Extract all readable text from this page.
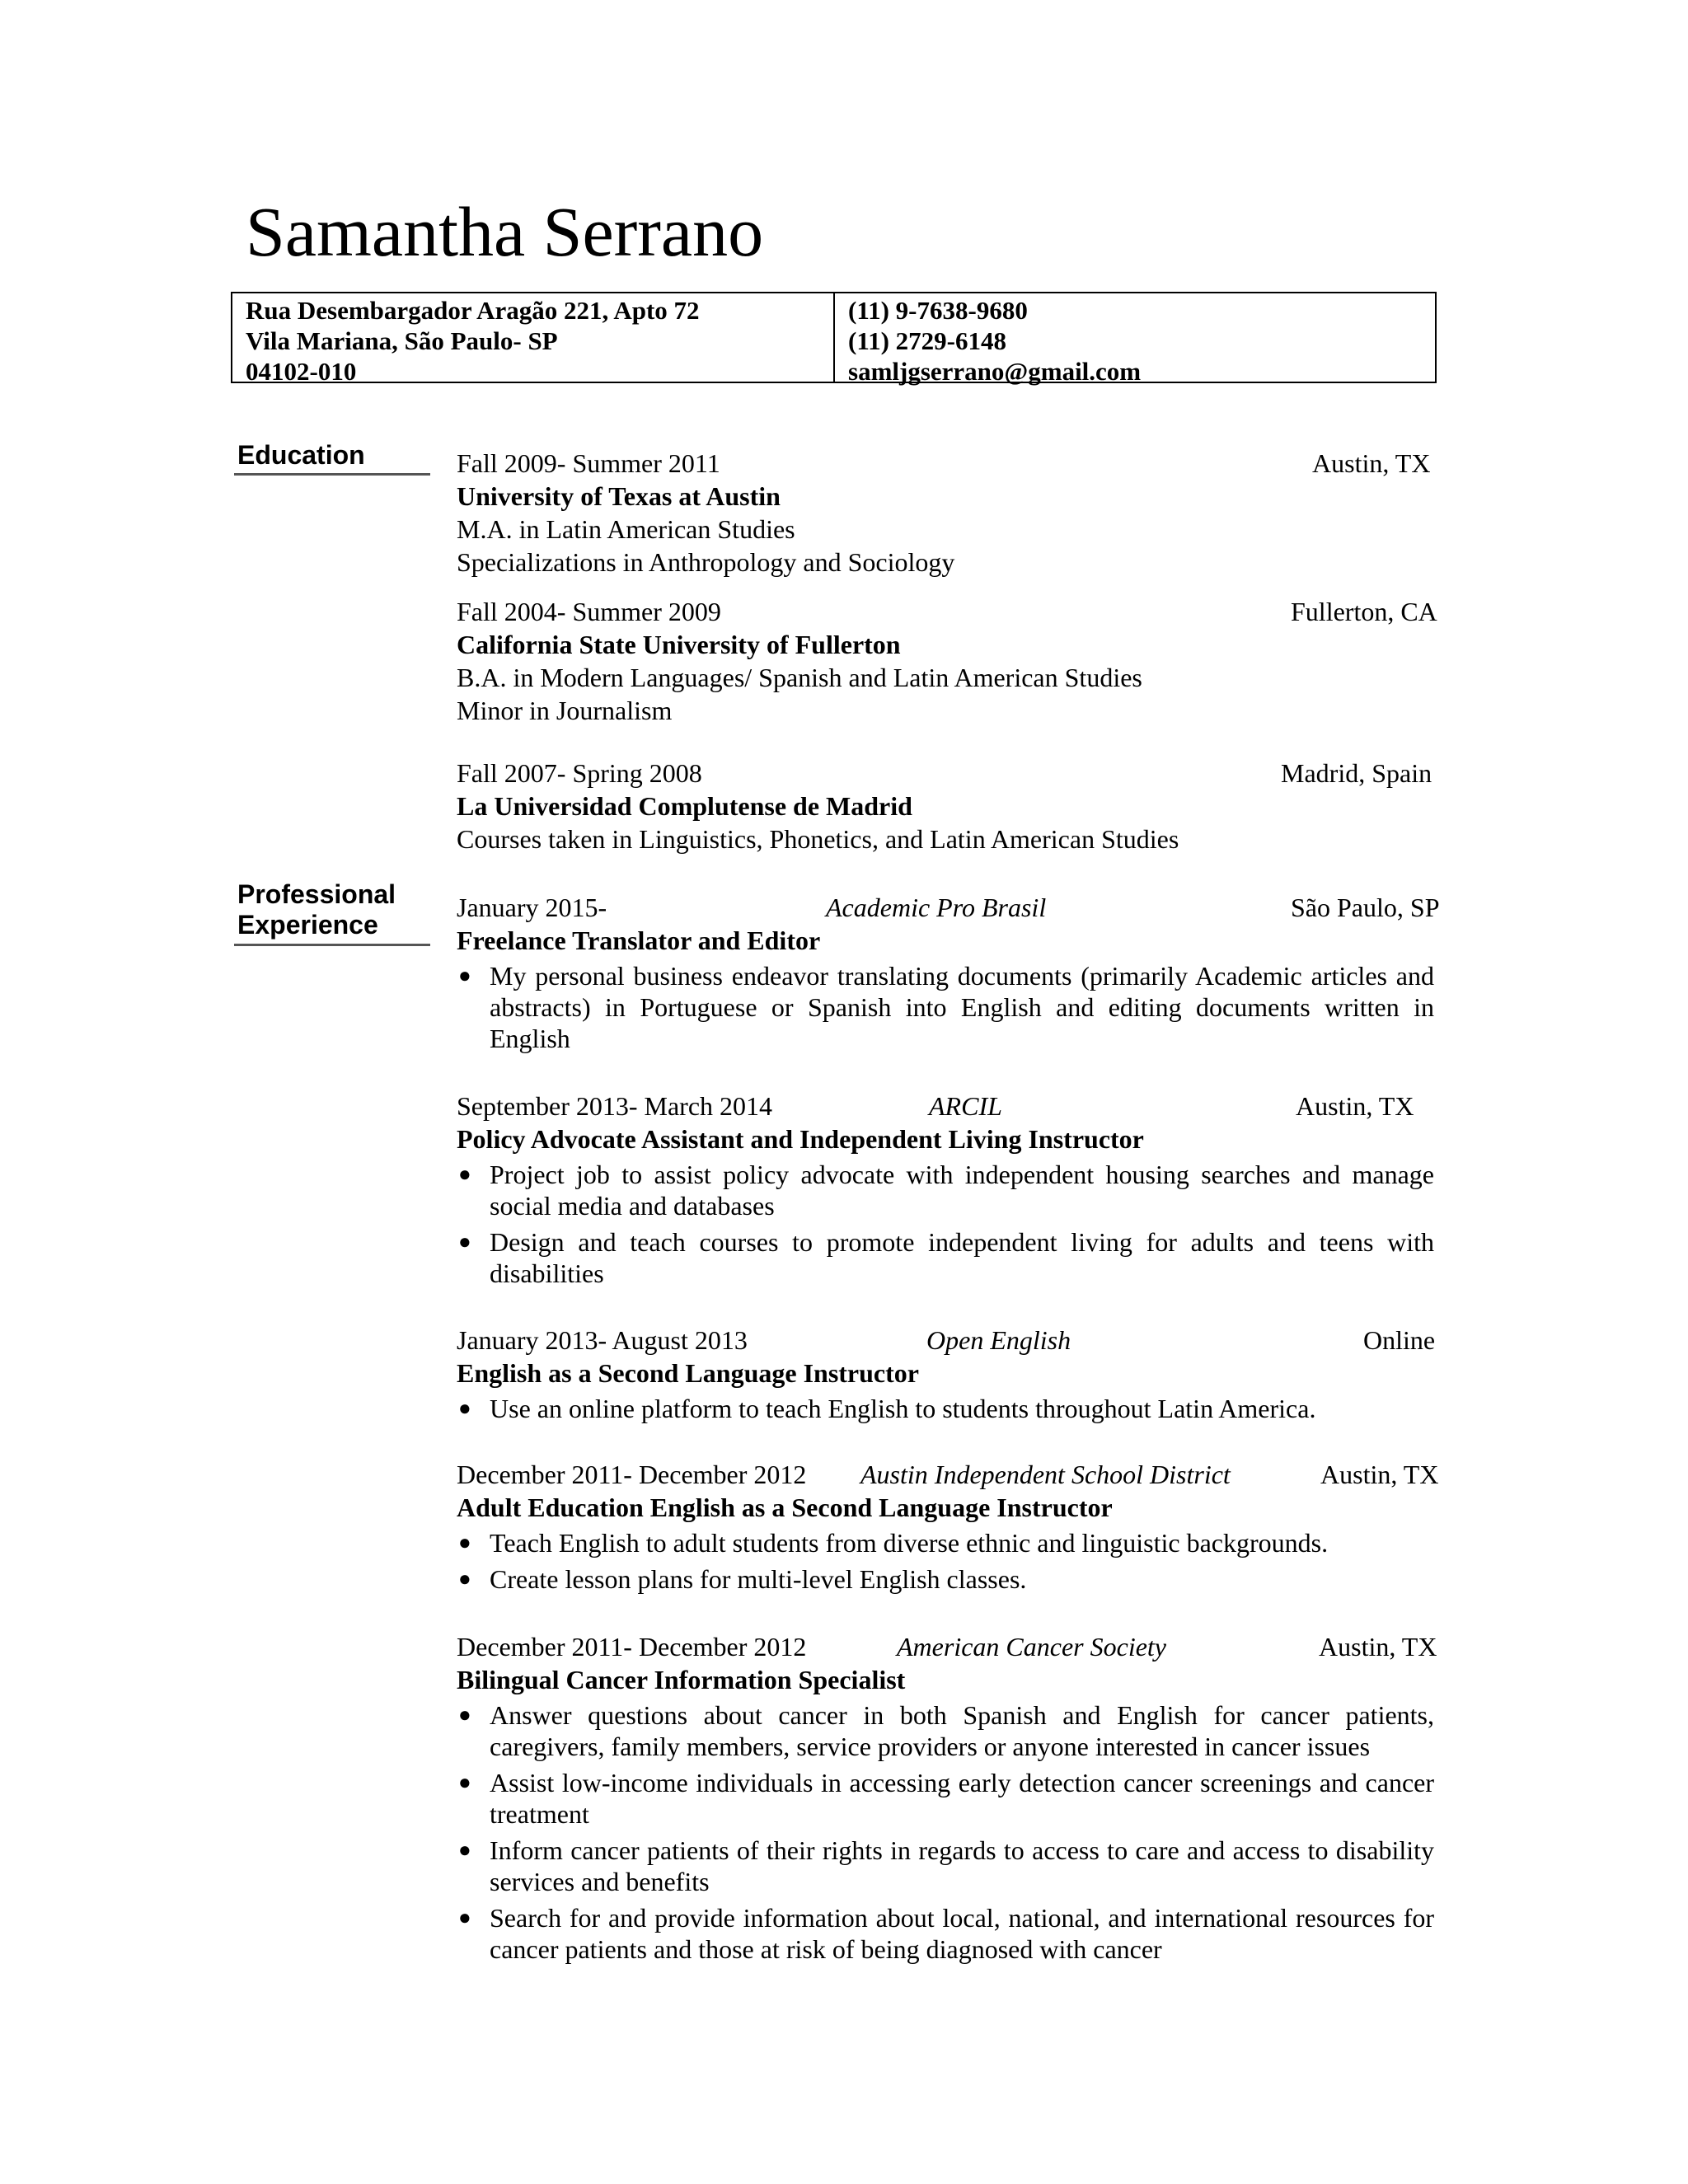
Samantha Serrano
Rua Desembargador Aragão 221, Apto 72
Vila Mariana, São Paulo- SP
04102-010
(11) 9-7638-9680
(11) 2729-6148
samljgserrano@gmail.com
Education
Professional
Experience
Fall 2009- Summer 2011	Austin, TX
University of Texas at Austin
M.A. in Latin American Studies
Specializations in Anthropology and Sociology
Fall 2004- Summer 2009	Fullerton, CA
California State University of Fullerton
B.A. in Modern Languages/ Spanish and Latin American Studies
Minor in Journalism
Fall 2007- Spring 2008	Madrid, Spain
La Universidad Complutense de Madrid
Courses taken in Linguistics, Phonetics, and Latin American Studies
January 2015-	Academic Pro Brasil	São Paulo, SP
Freelance Translator and Editor
● My personal business endeavor translating documents (primarily Academic articles and abstracts) in Portuguese or Spanish into English and editing documents written in English
September 2013- March 2014	ARCIL	Austin, TX
Policy Advocate Assistant and Independent Living Instructor
● Project job to assist policy advocate with independent housing searches and manage social media and databases
● Design and teach courses to promote independent living for adults and teens with disabilities
January 2013- August 2013	Open English	Online
English as a Second Language Instructor
● Use an online platform to teach English to students throughout Latin America.
December 2011- December 2012 Austin Independent School District	Austin, TX
Adult Education English as a Second Language Instructor
● Teach English to adult students from diverse ethnic and linguistic backgrounds.
● Create lesson plans for multi-level English classes.
December 2011- December 2012	American Cancer Society	Austin, TX
Bilingual Cancer Information Specialist
● Answer questions about cancer in both Spanish and English for cancer patients, caregivers, family members, service providers or anyone interested in cancer issues
● Assist low-income individuals in accessing early detection cancer screenings and cancer treatment
● Inform cancer patients of their rights in regards to access to care and access to disability services and benefits
● Search for and provide information about local, national, and international resources for cancer patients and those at risk of being diagnosed with cancer
